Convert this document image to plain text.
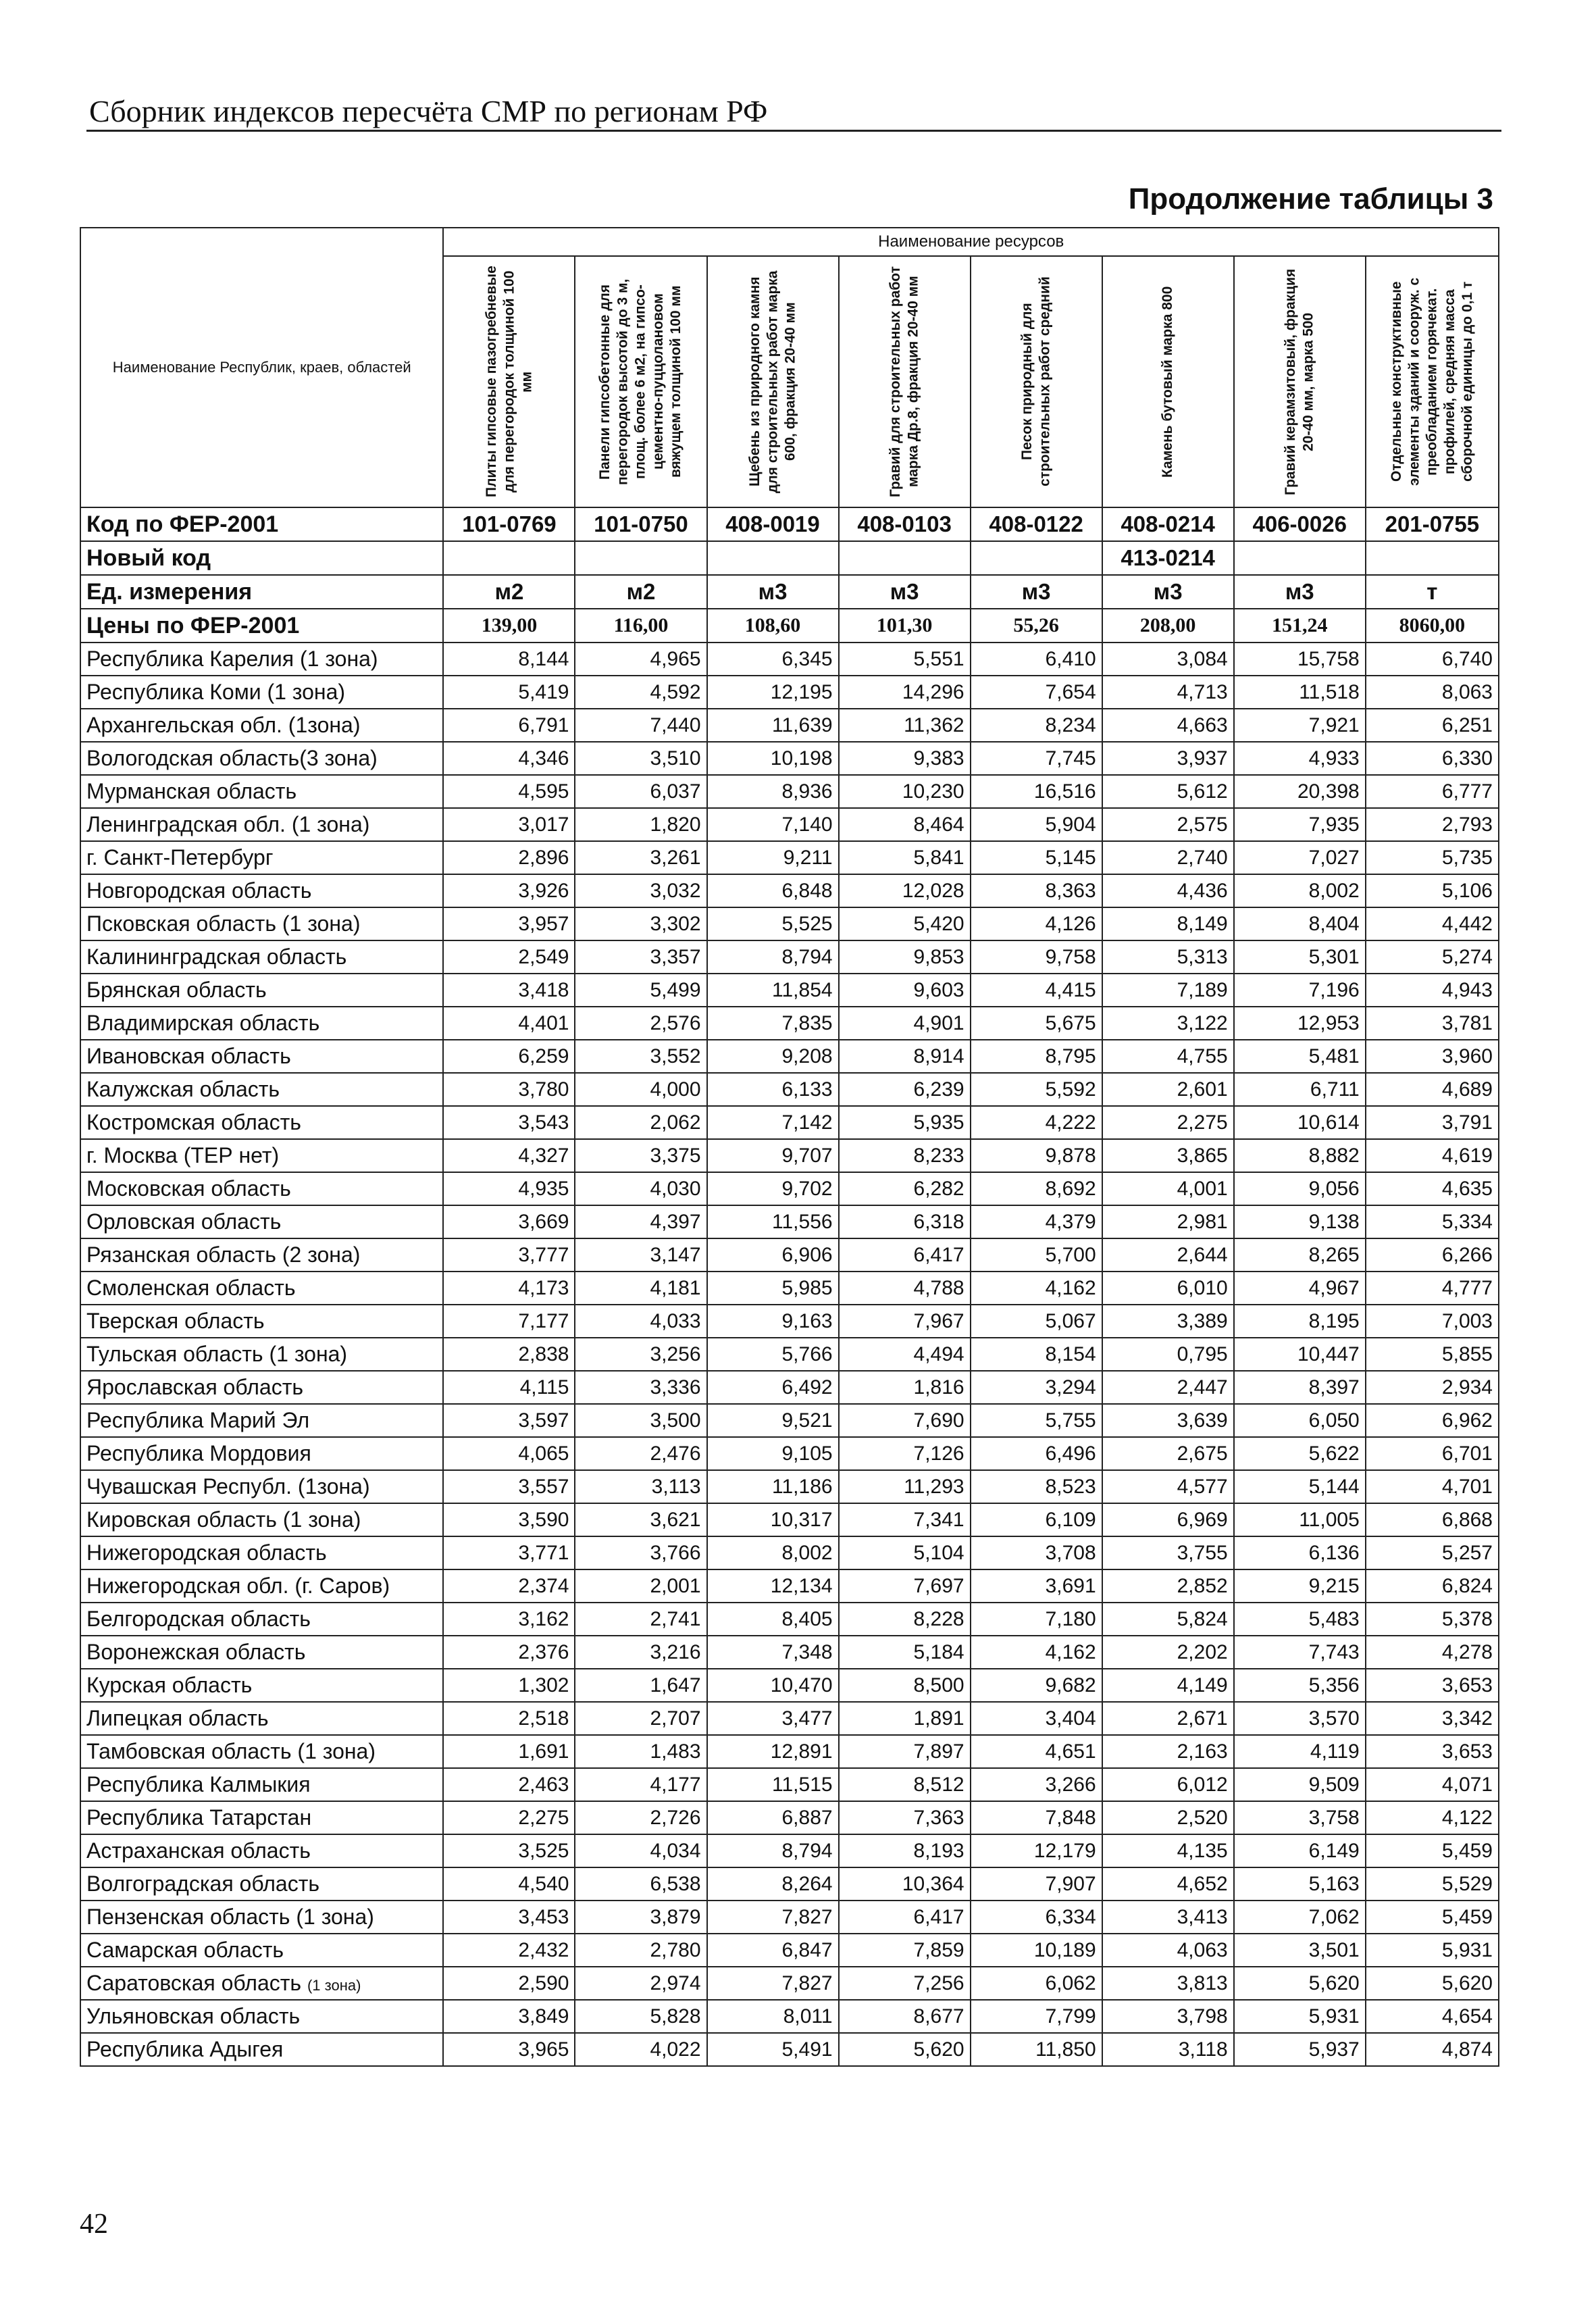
Сборник индексов пересчёта СМР по регионам РФ
Продолжение таблицы 3
Наименование Республик, краев, областей	Наименование ресурсов							

	Плиты гипсовые пазогребневые для перегородок толщиной 100 мм	Панели гипсобетонные для перегородок высотой до 3 м, площ. более 6 м2, на гипсо-цементно-пуццолановом вяжущем толщиной 100 мм	Щебень из природного камня для строительных работ марка 600, фракция 20-40 мм	Гравий для строительных работ марка Др.8, фракция 20-40 мм	Песок природный для строительных работ средний	Камень бутовый марка 800	Гравий керамзитовый, фракция 20-40 мм, марка 500	Отдельные конструктивные элементы зданий и сооруж. с преобладанием горячекат. профилей, средняя масса сборочной единицы до 0,1 т

Код по ФЕР-2001	101-0769	101-0750	408-0019	408-0103	408-0122	408-0214	406-0026	201-0755
Новый код						413-0214		
Ед. измерения	м2	м2	м3	м3	м3	м3	м3	т
Цены по ФЕР-2001	139,00	116,00	108,60	101,30	55,26	208,00	151,24	8060,00
Республика Карелия (1 зона)	8,144	4,965	6,345	5,551	6,410	3,084	15,758	6,740
Республика Коми (1 зона)	5,419	4,592	12,195	14,296	7,654	4,713	11,518	8,063
Архангельская обл. (1зона)	6,791	7,440	11,639	11,362	8,234	4,663	7,921	6,251
Вологодская область(3 зона)	4,346	3,510	10,198	9,383	7,745	3,937	4,933	6,330
Мурманская область	4,595	6,037	8,936	10,230	16,516	5,612	20,398	6,777
Ленинградская обл. (1 зона)	3,017	1,820	7,140	8,464	5,904	2,575	7,935	2,793
г. Санкт-Петербург	2,896	3,261	9,211	5,841	5,145	2,740	7,027	5,735
Новгородская область	3,926	3,032	6,848	12,028	8,363	4,436	8,002	5,106
Псковская область (1 зона)	3,957	3,302	5,525	5,420	4,126	8,149	8,404	4,442
Калининградская область	2,549	3,357	8,794	9,853	9,758	5,313	5,301	5,274
Брянская область	3,418	5,499	11,854	9,603	4,415	7,189	7,196	4,943
Владимирская область	4,401	2,576	7,835	4,901	5,675	3,122	12,953	3,781
Ивановская область	6,259	3,552	9,208	8,914	8,795	4,755	5,481	3,960
Калужская область	3,780	4,000	6,133	6,239	5,592	2,601	6,711	4,689
Костромская область	3,543	2,062	7,142	5,935	4,222	2,275	10,614	3,791
г. Москва (ТЕР нет)	4,327	3,375	9,707	8,233	9,878	3,865	8,882	4,619
Московская область	4,935	4,030	9,702	6,282	8,692	4,001	9,056	4,635
Орловская область	3,669	4,397	11,556	6,318	4,379	2,981	9,138	5,334
Рязанская область (2 зона)	3,777	3,147	6,906	6,417	5,700	2,644	8,265	6,266
Смоленская область	4,173	4,181	5,985	4,788	4,162	6,010	4,967	4,777
Тверская область	7,177	4,033	9,163	7,967	5,067	3,389	8,195	7,003
Тульская область (1 зона)	2,838	3,256	5,766	4,494	8,154	0,795	10,447	5,855
Ярославская область	4,115	3,336	6,492	1,816	3,294	2,447	8,397	2,934
Республика Марий Эл	3,597	3,500	9,521	7,690	5,755	3,639	6,050	6,962
Республика Мордовия	4,065	2,476	9,105	7,126	6,496	2,675	5,622	6,701
Чувашская Республ. (1зона)	3,557	3,113	11,186	11,293	8,523	4,577	5,144	4,701
Кировская область (1 зона)	3,590	3,621	10,317	7,341	6,109	6,969	11,005	6,868
Нижегородская область	3,771	3,766	8,002	5,104	3,708	3,755	6,136	5,257
Нижегородская обл. (г. Саров)	2,374	2,001	12,134	7,697	3,691	2,852	9,215	6,824
Белгородская область	3,162	2,741	8,405	8,228	7,180	5,824	5,483	5,378
Воронежская область	2,376	3,216	7,348	5,184	4,162	2,202	7,743	4,278
Курская область	1,302	1,647	10,470	8,500	9,682	4,149	5,356	3,653
Липецкая область	2,518	2,707	3,477	1,891	3,404	2,671	3,570	3,342
Тамбовская область (1 зона)	1,691	1,483	12,891	7,897	4,651	2,163	4,119	3,653
Республика Калмыкия	2,463	4,177	11,515	8,512	3,266	6,012	9,509	4,071
Республика Татарстан	2,275	2,726	6,887	7,363	7,848	2,520	3,758	4,122
Астраханская область	3,525	4,034	8,794	8,193	12,179	4,135	6,149	5,459
Волгоградская область	4,540	6,538	8,264	10,364	7,907	4,652	5,163	5,529
Пензенская область (1 зона)	3,453	3,879	7,827	6,417	6,334	3,413	7,062	5,459
Самарская область	2,432	2,780	6,847	7,859	10,189	4,063	3,501	5,931
Саратовская область (1 зона)	2,590	2,974	7,827	7,256	6,062	3,813	5,620	5,620
Ульяновская область	3,849	5,828	8,011	8,677	7,799	3,798	5,931	4,654
Республика Адыгея	3,965	4,022	5,491	5,620	11,850	3,118	5,937	4,874
42
